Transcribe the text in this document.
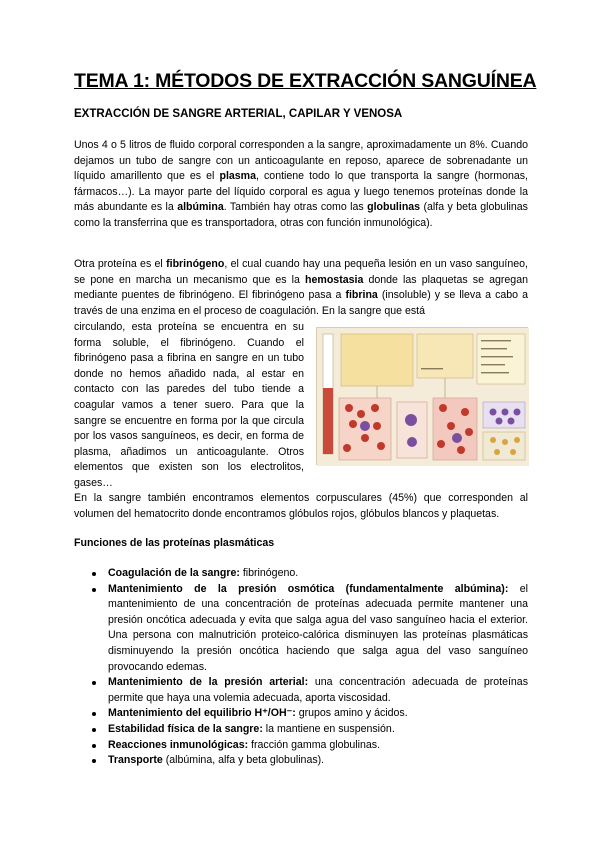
TEMA 1: MÉTODOS DE EXTRACCIÓN SANGUÍNEA
EXTRACCIÓN DE SANGRE ARTERIAL, CAPILAR Y VENOSA

Unos 4 o 5 litros de fluido corporal corresponden a la sangre, aproximadamente un 8%. Cuando dejamos un tubo de sangre con un anticoagulante en reposo, aparece de sobrenadante un líquido amarillento que es el plasma, contiene todo lo que transporta la sangre (hormonas, fármacos…). La mayor parte del líquido corporal es agua y luego tenemos proteínas donde la más abundante es la albúmina. También hay otras como las globulinas (alfa y beta globulinas como la transferrina que es transportadora, otras con función inmunológica).

Otra proteína es el fibrinógeno, el cual cuando hay una pequeña lesión en un vaso sanguíneo, se pone en marcha un mecanismo que es la hemostasia donde las plaquetas se agregan mediante puentes de fibrinógeno. El fibrinógeno pasa a fibrina (insoluble) y se lleva a cabo a través de una enzima en el proceso de coagulación. En la sangre que está

circulando, esta proteína se encuentra en su forma soluble, el fibrinógeno. Cuando el fibrinógeno pasa a fibrina en sangre en un tubo donde no hemos añadido nada, al estar en contacto con las paredes del tubo tiende a coagular vamos a tener suero. Para que la sangre se encuentre en forma por la que circula por los vasos sanguíneos, es decir, en forma de plasma, añadimos un anticoagulante. Otros elementos que existen son los electrolitos, gases…

En la sangre también encontramos elementos corpusculares (45%) que corresponden al volumen del hematocrito donde encontramos glóbulos rojos, glóbulos blancos y plaquetas.

Funciones de las proteínas plasmáticas
Coagulación de la sangre: fibrinógeno.
Mantenimiento de la presión osmótica (fundamentalmente albúmina): el mantenimiento de una concentración de proteínas adecuada permite mantener una presión oncótica adecuada y evita que salga agua del vaso sanguíneo hacia el exterior. Una persona con malnutrición proteico-calórica disminuyen las proteínas plasmáticas disminuyendo la presión oncótica haciendo que salga agua del vaso sanguíneo provocando edemas.
Mantenimiento de la presión arterial: una concentración adecuada de proteínas permite que haya una volemia adecuada, aporta viscosidad.
Mantenimiento del equilibrio H⁺/OH⁻: grupos amino y ácidos.
Estabilidad física de la sangre: la mantiene en suspensión.
Reacciones inmunológicas: fracción gamma globulinas.
Transporte (albúmina, alfa y beta globulinas).
